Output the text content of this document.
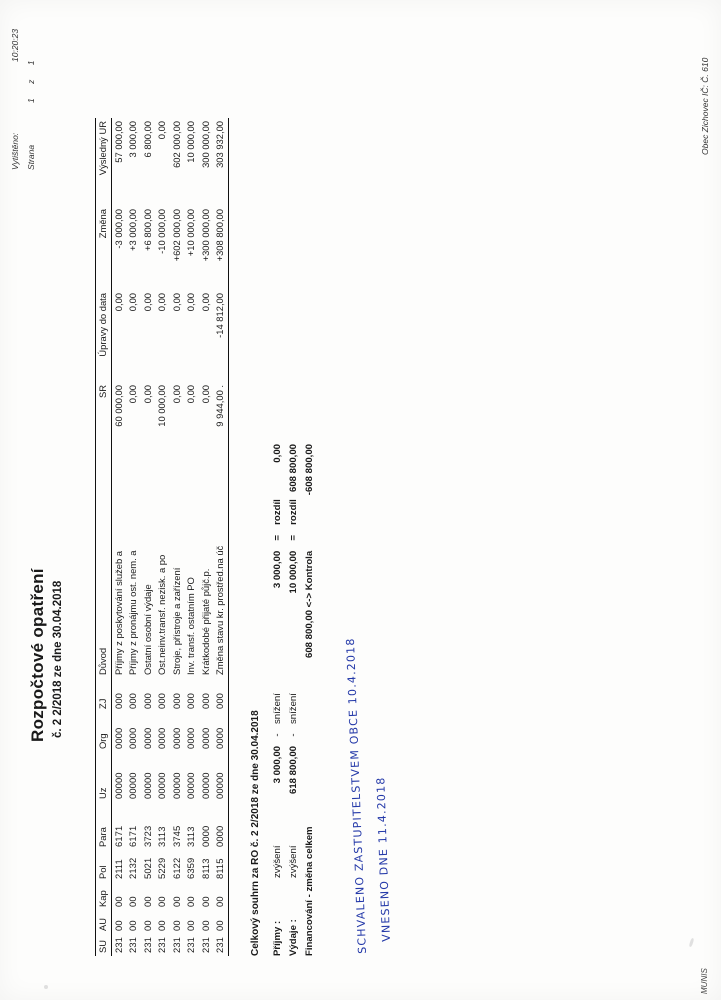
Rozpočtové opatření č. 2 2/2018 ze dne 30.04.2018
Vytištěno:
10:20:23
Strana
1 z 1
SU	AU	Kap	Pol	Para	Uz	Org	ZJ	Důvod	SR	Úpravy do data	Změna	Výsledný UR
231	00	00	2111	6171	00000	0000	000	Příjmy z poskytování služeb a	60 000,00	0,00	-3 000,00	57 000,00
231	00	00	2132	6171	00000	0000	000	Příjmy z pronájmu ost. nem. a	0,00	0,00	+3 000,00	3 000,00
231	00	00	5021	3723	00000	0000	000	Ostatní osobní výdaje	0,00	0,00	+6 800,00	6 800,00
231	00	00	5229	3113	00000	0000	000	Ost.neinv.transf. nezisk. a po	10 000,00	0,00	-10 000,00	0,00
231	00	00	6122	3745	00000	0000	000	Stroje, přístroje a zařízení	0,00	0,00	+602 000,00	602 000,00
231	00	00	6359	3113	00000	0000	000	Inv. transf. ostatním PO	0,00	0,00	+10 000,00	10 000,00
231	00	00	8113	0000	00000	0000	000	Krátkodobé přijaté půjč.p.	0,00	0,00	+300 000,00	300 000,00
231	00	00	8115	0000	00000	0000	000	Změna stavu kr. prostřed.na úč	9 944,00 .	-14 812,00	+308 800,00	303 932,00
Celkový souhrn za RO č. 2 2/2018 ze dne 30.04.2018 Příjmy :	zvýšení	3 000,00	-	snížení	3 000,00	=	rozdíl	0,00
Výdaje :	zvýšení	618 800,00	-	snížení	10 000,00	=	rozdíl	608 800,00
Financování - změna celkem					608 800,00 <-> Kontrola			-608 800,00
SCHVALENO ZASTUPITELSTVEM OBCE 10.4.2018 VNESENO DNE 11.4.2018
MUNIS
Obec Zichovec IČ: Č. 610
